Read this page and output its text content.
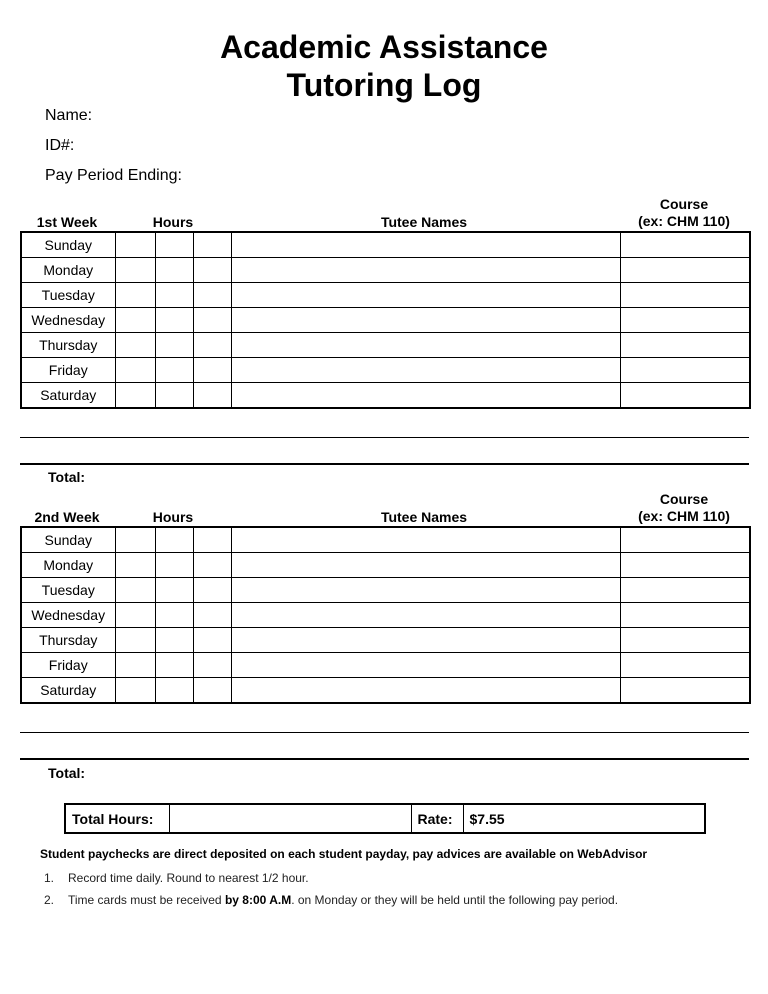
Academic Assistance
Tutoring Log
Name:
ID#:
Pay Period Ending:
1st Week	Hours	Tutee Names
Course
(ex: CHM 110)
Sunday					
Monday					
Tuesday					
Wednesday					
Thursday					
Friday					
Saturday					
Total:
2nd Week	Hours	Tutee Names
Course
(ex: CHM 110)
Sunday					
Monday					
Tuesday					
Wednesday					
Thursday					
Friday					
Saturday					
Total:
Total Hours:		Rate:	$7.55
Student paychecks are direct deposited on each student payday, pay advices are available on WebAdvisor
1. Record time daily. Round to nearest 1/2 hour.
2. Time cards must be received by 8:00 A.M. on Monday or they will be held until the following pay period.
